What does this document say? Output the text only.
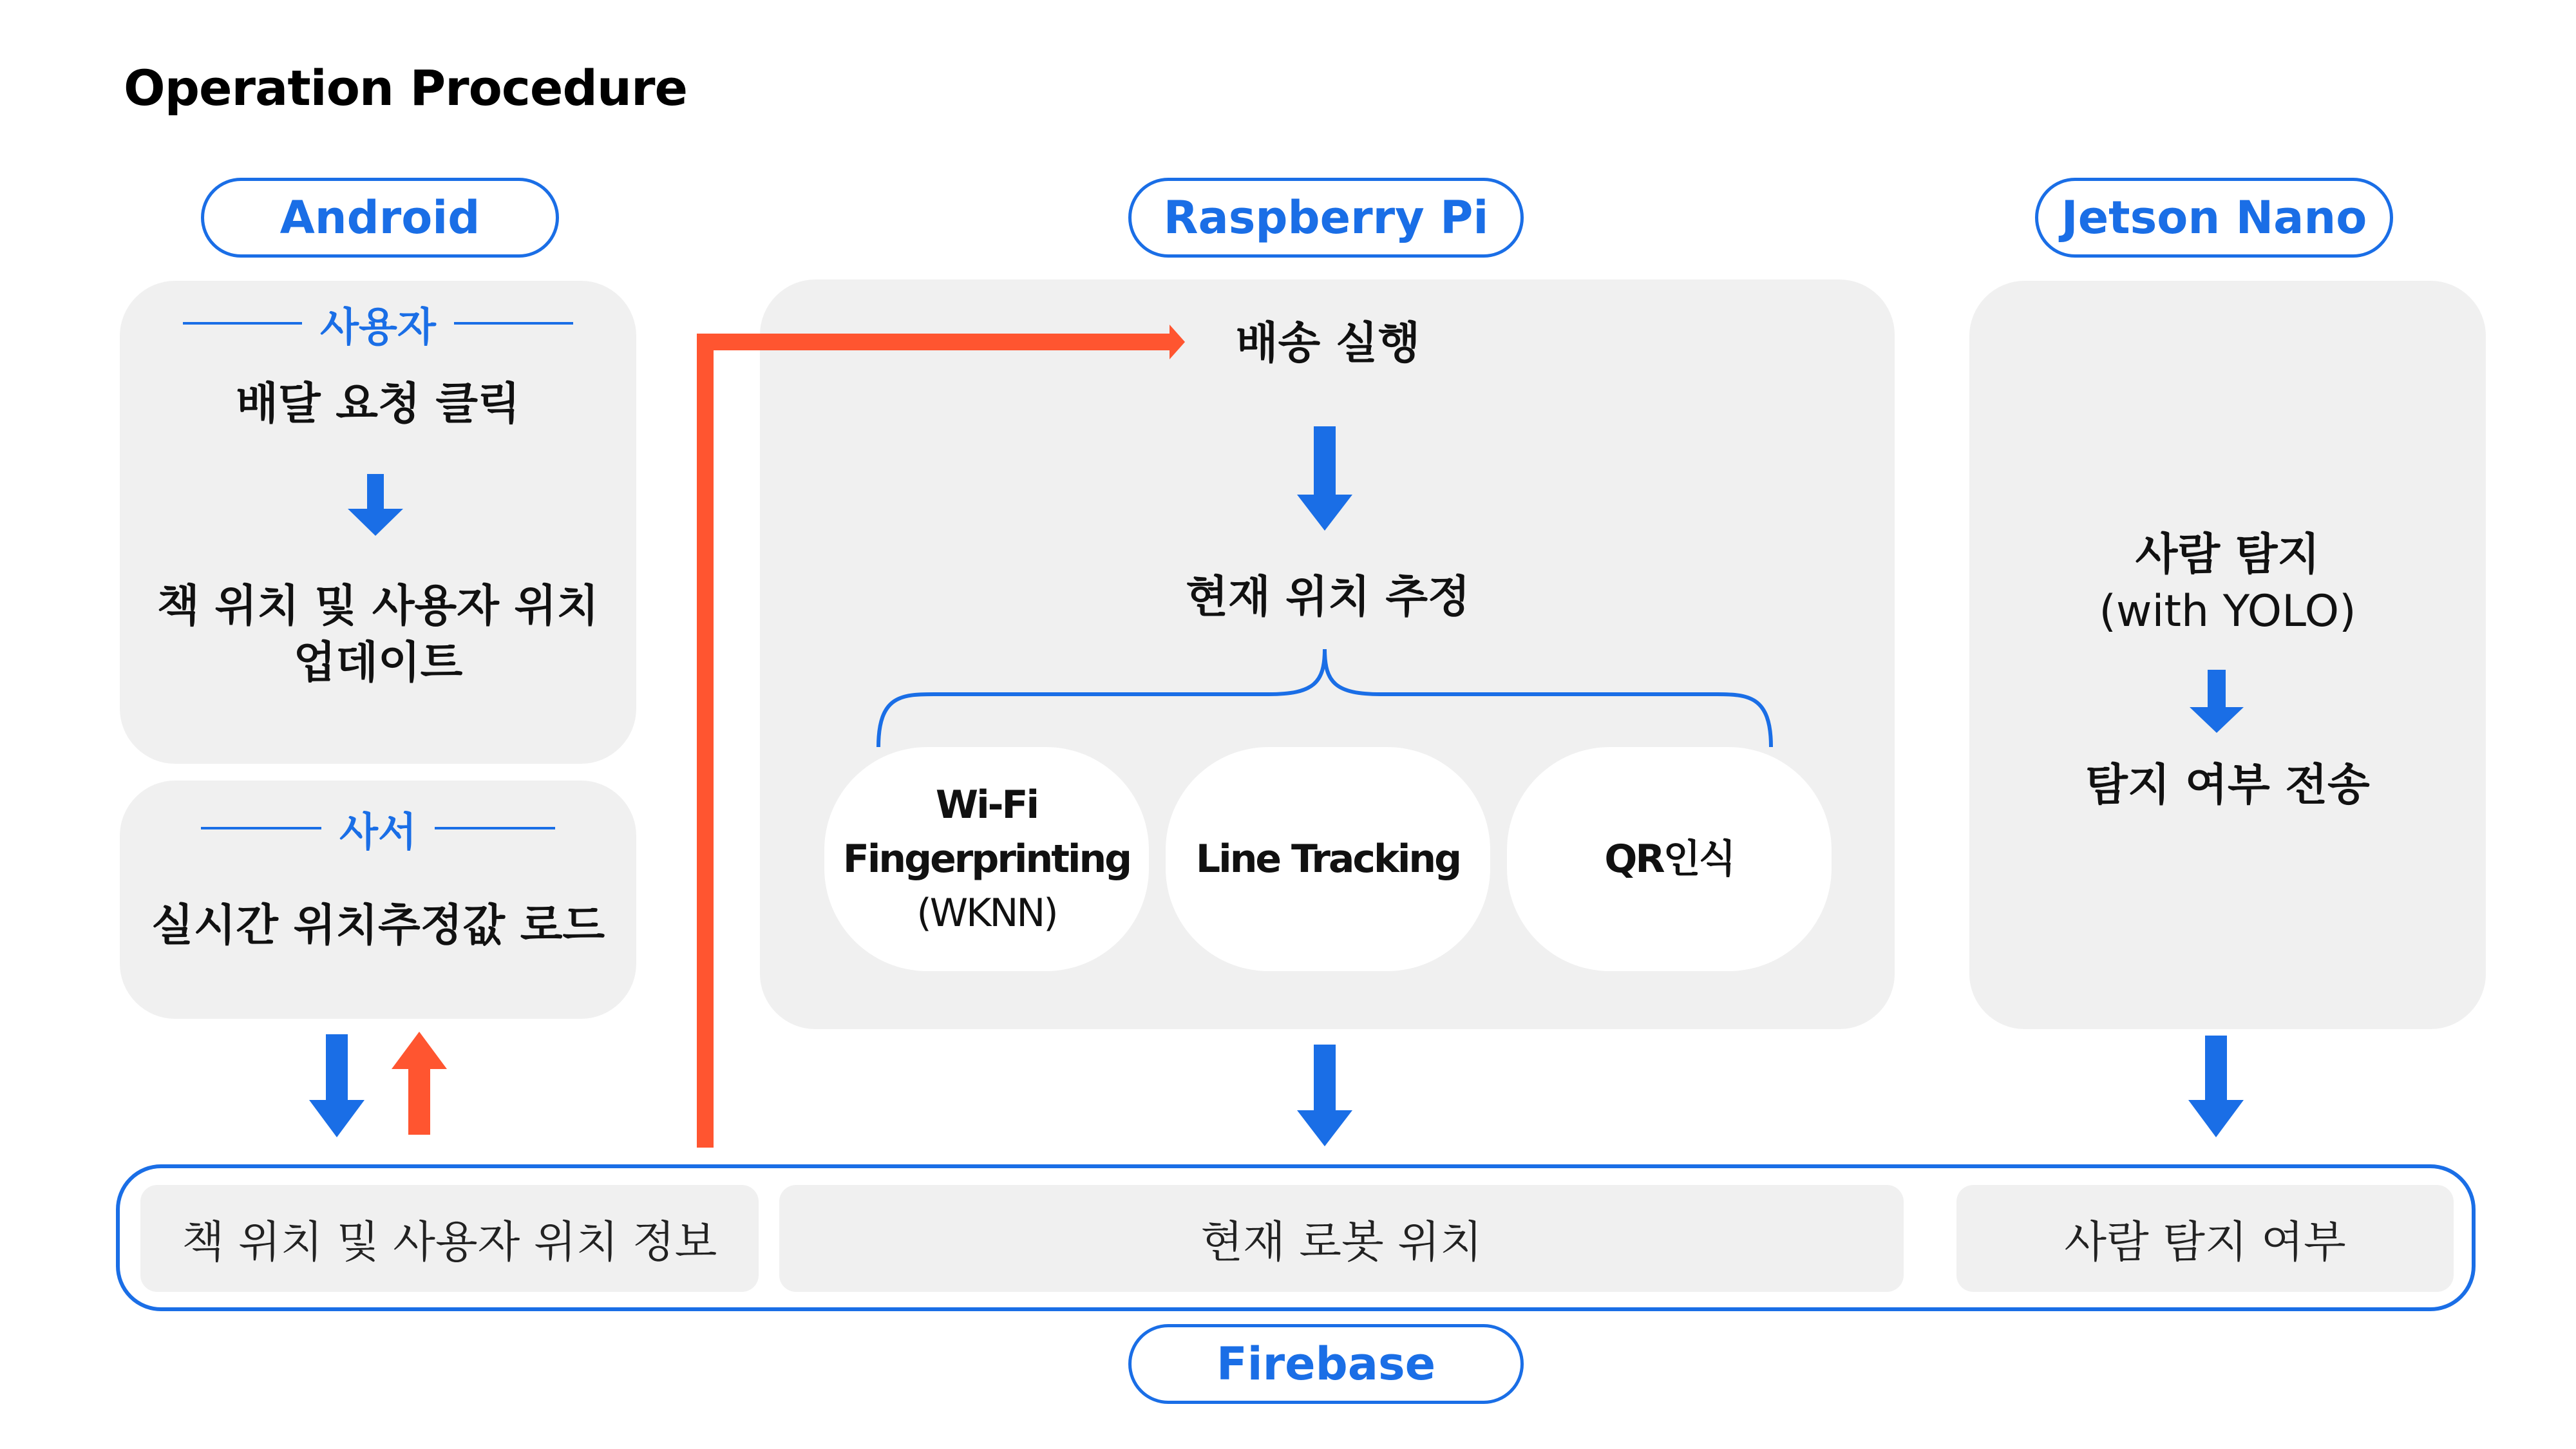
Operation Procedure
Android	Raspberry Pi	Jetson Nano
사용자
배달 요청 클릭
책 위치 및 사용자 위치
업데이트
사서
실시간 위치추정값 로드
배송 실행
현재 위치 추정
Wi-Fi
Fingerprinting
(WKNN)
Line Tracking	QR인식
사람 탐지
(with YOLO)
탐지 여부 전송
책 위치 및 사용자 위치 정보	현재 로봇 위치	사람 탐지 여부
Firebase
